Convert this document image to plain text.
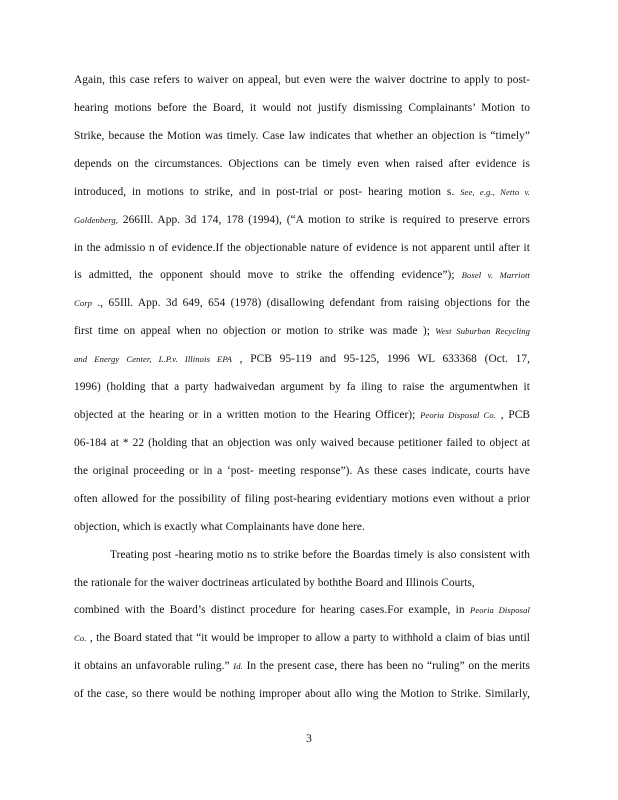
Again, this case refers to waiver on appeal, but even were the waiver doctrine to apply to post-
hearing motions before the Board, it would not justify dismissing Complainants’ Motion to
Strike, because the Motion was timely. Case law indicates that whether an objection is “timely”
depends on the circumstances. Objections can be timely even when raised after evidence is
introduced, in motions to strike, and in post-trial or post- hearing motion s. See, e.g., Netto v.
Goldenberg, 266Ill. App. 3d 174, 178 (1994), (“A motion to strike is required to preserve errors
in the admissio n of evidence.If the objectionable nature of evidence is not apparent until after it
is admitted, the opponent should move to strike the offending evidence”); Bosel v. Marriott
Corp ., 65Ill. App. 3d 649, 654 (1978) (disallowing defendant from raising objections for the
first time on appeal when no objection or motion to strike was made ); West Suburban Recycling
and Energy Center, L.P.v. Illinois EPA , PCB 95-119 and 95-125, 1996 WL 633368 (Oct. 17,
1996) (holding that a party hadwaivedan argument by fa iling to raise the argumentwhen it
objected at the hearing or in a written motion to the Hearing Officer); Peoria Disposal Co. , PCB
06-184 at * 22 (holding that an objection was only waived because petitioner failed to object at
the original proceeding or in a ‘post- meeting response”). As these cases indicate, courts have
often allowed for the possibility of filing post-hearing evidentiary motions even without a prior
objection, which is exactly what Complainants have done here.
Treating post -hearing motio ns to strike before the Boardas timely is also consistent with
the rationale for the waiver doctrineas articulated by boththe Board and Illinois Courts,
combined with the Board’s distinct procedure for hearing cases.For example, in Peoria Disposal
Co. , the Board stated that “it would be improper to allow a party to withhold a claim of bias until
it obtains an unfavorable ruling.” Id. In the present case, there has been no “ruling” on the merits
of the case, so there would be nothing improper about allo wing the Motion to Strike. Similarly,
3
